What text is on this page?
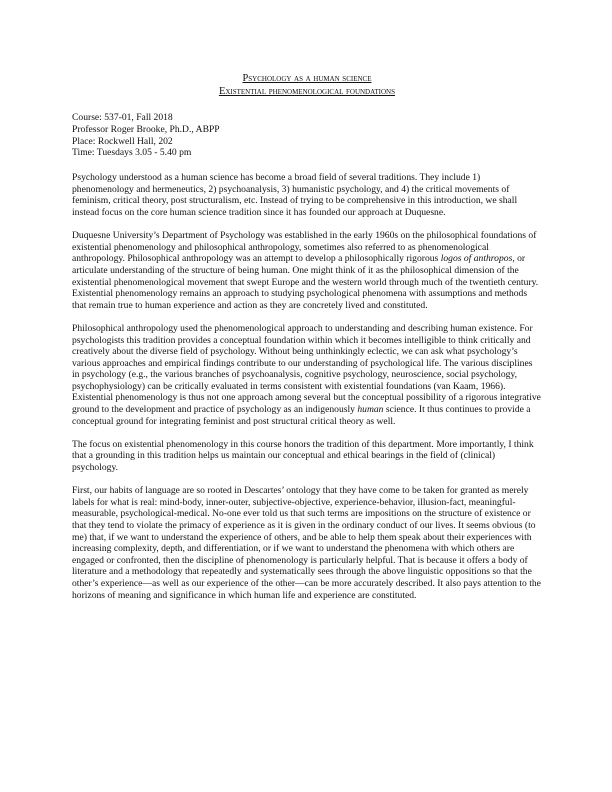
Psychology as a human science
Existential phenomenological foundations
Course: 537-01, Fall 2018
Professor Roger Brooke, Ph.D., ABPP
Place: Rockwell Hall, 202
Time: Tuesdays 3.05 - 5.40 pm

Psychology understood as a human science has become a broad field of several traditions. They include 1) phenomenology and hermeneutics, 2) psychoanalysis, 3) humanistic psychology, and 4) the critical movements of feminism, critical theory, post structuralism, etc. Instead of trying to be comprehensive in this introduction, we shall instead focus on the core human science tradition since it has founded our approach at Duquesne.

Duquesne University’s Department of Psychology was established in the early 1960s on the philosophical foundations of existential phenomenology and philosophical anthropology, sometimes also referred to as phenomenological anthropology. Philosophical anthropology was an attempt to develop a philosophically rigorous logos of anthropos, or articulate understanding of the structure of being human. One might think of it as the philosophical dimension of the existential phenomenological movement that swept Europe and the western world through much of the twentieth century. Existential phenomenology remains an approach to studying psychological phenomena with assumptions and methods that remain true to human experience and action as they are concretely lived and constituted.

Philosophical anthropology used the phenomenological approach to understanding and describing human existence. For psychologists this tradition provides a conceptual foundation within which it becomes intelligible to think critically and creatively about the diverse field of psychology. Without being unthinkingly eclectic, we can ask what psychology’s various approaches and empirical findings contribute to our understanding of psychological life. The various disciplines in psychology (e.g., the various branches of psychoanalysis, cognitive psychology, neuroscience, social psychology, psychophysiology) can be critically evaluated in terms consistent with existential foundations (van Kaam, 1966). Existential phenomenology is thus not one approach among several but the conceptual possibility of a rigorous integrative ground to the development and practice of psychology as an indigenously human science. It thus continues to provide a conceptual ground for integrating feminist and post structural critical theory as well.

The focus on existential phenomenology in this course honors the tradition of this department. More importantly, I think that a grounding in this tradition helps us maintain our conceptual and ethical bearings in the field of (clinical) psychology.

First, our habits of language are so rooted in Descartes’ ontology that they have come to be taken for granted as merely labels for what is real: mind-body, inner-outer, subjective-objective, experience-behavior, illusion-fact, meaningful-measurable, psychological-medical. No-one ever told us that such terms are impositions on the structure of existence or that they tend to violate the primacy of experience as it is given in the ordinary conduct of our lives. It seems obvious (to me) that, if we want to understand the experience of others, and be able to help them speak about their experiences with increasing complexity, depth, and differentiation, or if we want to understand the phenomena with which others are engaged or confronted, then the discipline of phenomenology is particularly helpful. That is because it offers a body of literature and a methodology that repeatedly and systematically sees through the above linguistic oppositions so that the other’s experience—as well as our experience of the other—can be more accurately described. It also pays attention to the horizons of meaning and significance in which human life and experience are constituted.
